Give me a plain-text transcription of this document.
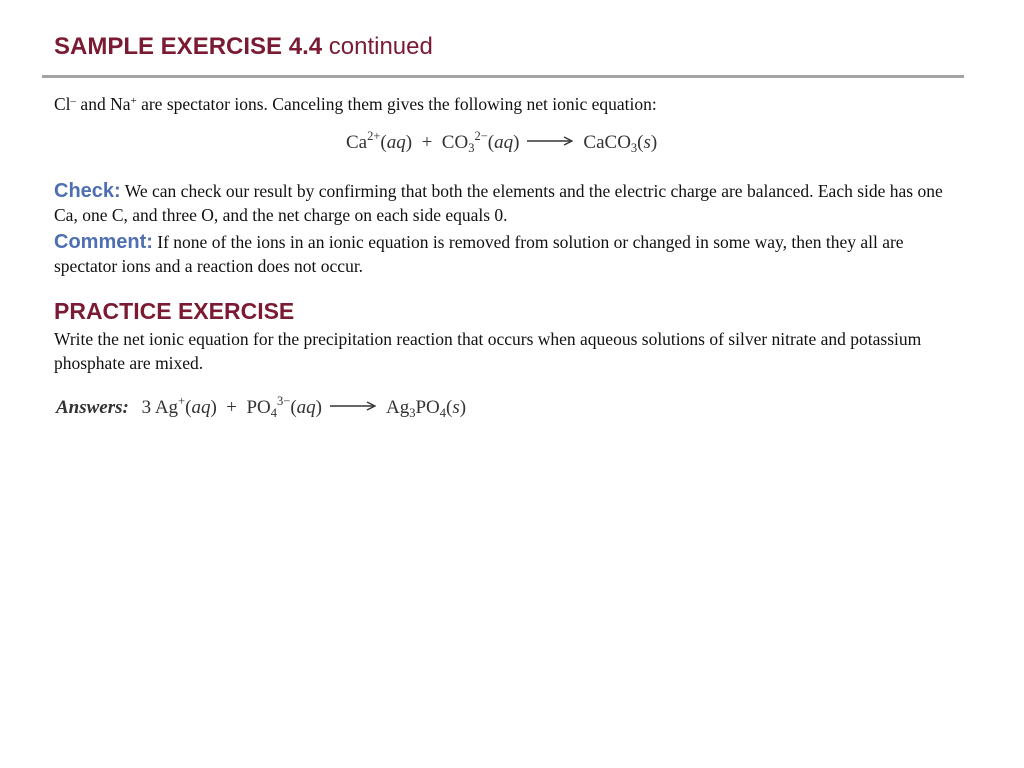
SAMPLE EXERCISE 4.4 continued
Cl– and Na+ are spectator ions. Canceling them gives the following net ionic equation:
$Ca^{2+}(aq) + CO_3^{2-}(aq)$ → CaCO$_3$(s)
Check: We can check our result by confirming that both the elements and the electric charge are balanced. Each side has one Ca, one C, and three O, and the net charge on each side equals 0.
Comment: If none of the ions in an ionic equation is removed from solution or changed in some way, then they all are spectator ions and a reaction does not occur.
PRACTICE EXERCISE
Write the net ionic equation for the precipitation reaction that occurs when aqueous solutions of silver nitrate and potassium phosphate are mixed.
Answers: 3 $Ag^+(aq) + PO_4^{3-}(aq)$	$Ag_3PO_4(s)$
